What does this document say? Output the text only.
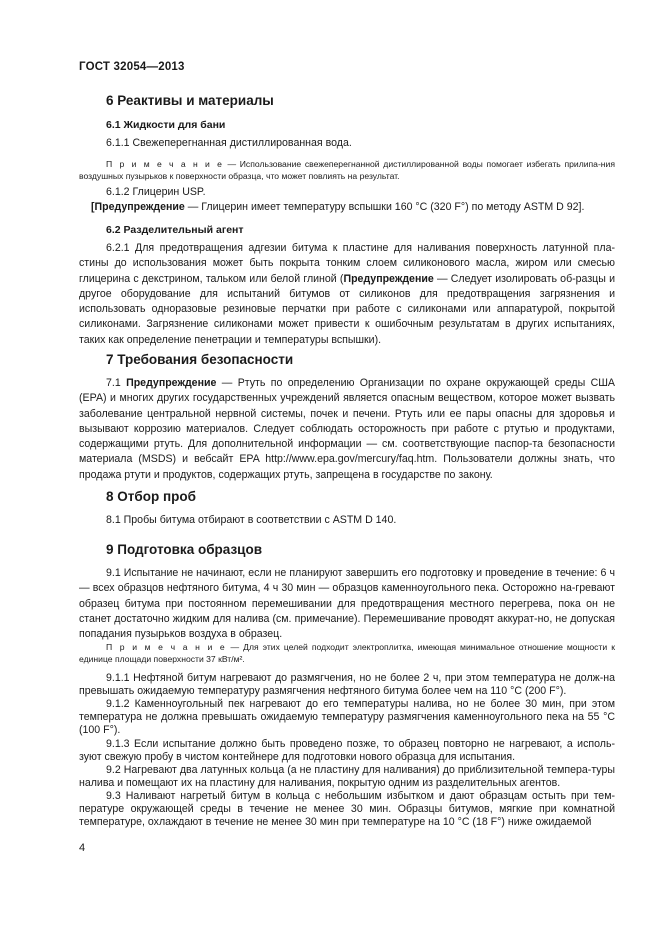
ГОСТ 32054—2013
6 Реактивы и материалы
6.1 Жидкости для бани

6.1.1 Свежеперегнанная дистиллированная вода.

П р и м е ч а н и е — Использование свежеперегнанной дистиллированной воды помогает избегать прилипа-ния воздушных пузырьков к поверхности образца, что может повлиять на результат.

6.1.2 Глицерин USP.

[Предупреждение — Глицерин имеет температуру вспышки 160 °С (320 F°) по методу ASTM D 92].

6.2 Разделительный агент

6.2.1 Для предотвращения адгезии битума к пластине для наливания поверхность латунной пла-стины до использования может быть покрыта тонким слоем силиконового масла, жиром или смесью глицерина с декстрином, тальком или белой глиной (Предупреждение — Следует изолировать об-разцы и другое оборудование для испытаний битумов от силиконов для предотвращения загрязнения и использовать одноразовые резиновые перчатки при работе с силиконами или аппаратурой, покрытой силиконами. Загрязнение силиконами может привести к ошибочным результатам в других испытаниях, таких как определение пенетрации и температуры вспышки).

7 Требования безопасности

7.1 Предупреждение — Ртуть по определению Организации по охране окружающей среды США (ЕРА) и многих других государственных учреждений является опасным веществом, которое может вызвать заболевание центральной нервной системы, почек и печени. Ртуть или ее пары опасны для здоровья и вызывают коррозию материалов. Следует соблюдать осторожность при работе с ртутью и продуктами, содержащими ртуть. Для дополнительной информации — см. соответствующие паспор-та безопасности материала (MSDS) и вебсайт EPA http://www.epa.gov/mercury/faq.htm. Пользователи должны знать, что продажа ртути и продуктов, содержащих ртуть, запрещена в государстве по закону.

8 Отбор проб

8.1 Пробы битума отбирают в соответствии с ASTM D 140.

9 Подготовка образцов

9.1 Испытание не начинают, если не планируют завершить его подготовку и проведение в течение: 6 ч — всех образцов нефтяного битума, 4 ч 30 мин — образцов каменноугольного пека. Осторожно на-гревают образец битума при постоянном перемешивании для предотвращения местного перегрева, пока он не станет достаточно жидким для налива (см. примечание). Перемешивание проводят аккурат-но, не допуская попадания пузырьков воздуха в образец.

П р и м е ч а н и е — Для этих целей подходит электроплитка, имеющая минимальное отношение мощности к единице площади поверхности 37 кВт/м².

9.1.1 Нефтяной битум нагревают до размягчения, но не более 2 ч, при этом температура не долж-на превышать ожидаемую температуру размягчения нефтяного битума более чем на 110 °С (200 F°).

9.1.2 Каменноугольный пек нагревают до его температуры налива, но не более 30 мин, при этом температура не должна превышать ожидаемую температуру размягчения каменноугольного пека на 55 °С (100 F°).

9.1.3 Если испытание должно быть проведено позже, то образец повторно не нагревают, а исполь-зуют свежую пробу в чистом контейнере для подготовки нового образца для испытания.

9.2 Нагревают два латунных кольца (а не пластину для наливания) до приблизительной темпера-туры налива и помещают их на пластину для наливания, покрытую одним из разделительных агентов.

9.3 Наливают нагретый битум в кольца с небольшим избытком и дают образцам остыть при тем-пературе окружающей среды в течение не менее 30 мин. Образцы битумов, мягкие при комнатной температуре, охлаждают в течение не менее 30 мин при температуре на 10 °С (18 F°) ниже ожидаемой

4
